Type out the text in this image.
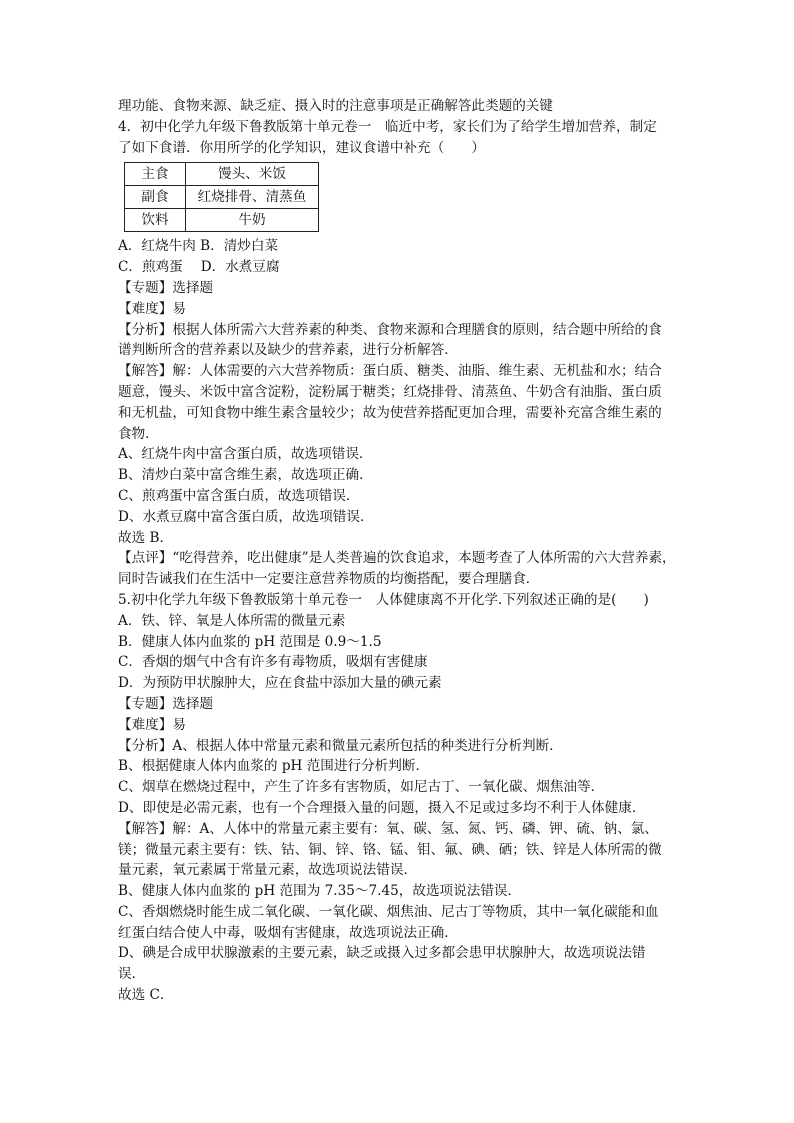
理功能、食物来源、缺乏症、摄入时的注意事项是正确解答此类题的关键
4．初中化学九年级下鲁教版第十单元卷一　临近中考，家长们为了给学生增加营养，制定
了如下食谱．你用所学的化学知识，建议食谱中补充（　　）
主食	馒头、米饭
副食	红烧排骨、清蒸鱼
饮料	牛奶
A．红烧牛肉 B．清炒白菜
C．煎鸡蛋　 D．水煮豆腐
【专题】选择题
【难度】易
【分析】根据人体所需六大营养素的种类、食物来源和合理膳食的原则，结合题中所给的食
谱判断所含的营养素以及缺少的营养素，进行分析解答．
【解答】解：人体需要的六大营养物质：蛋白质、糖类、油脂、维生素、无机盐和水；结合
题意，馒头、米饭中富含淀粉，淀粉属于糖类；红烧排骨、清蒸鱼、牛奶含有油脂、蛋白质
和无机盐，可知食物中维生素含量较少；故为使营养搭配更加合理，需要补充富含维生素的
食物．
A、红烧牛肉中富含蛋白质，故选项错误．
B、清炒白菜中富含维生素，故选项正确．
C、煎鸡蛋中富含蛋白质，故选项错误．
D、水煮豆腐中富含蛋白质，故选项错误．
故选 B．
【点评】“吃得营养，吃出健康”是人类普遍的饮食追求，本题考查了人体所需的六大营养素，
同时告诫我们在生活中一定要注意营养物质的均衡搭配，要合理膳食．
5.初中化学九年级下鲁教版第十单元卷一　人体健康离不开化学.下列叙述正确的是(　　)
A．铁、锌、氧是人体所需的微量元素
B．健康人体内血浆的 pH 范围是 0.9～1.5
C．香烟的烟气中含有许多有毒物质，吸烟有害健康
D．为预防甲状腺肿大，应在食盐中添加大量的碘元素
【专题】选择题
【难度】易
【分析】A、根据人体中常量元素和微量元素所包括的种类进行分析判断．
B、根据健康人体内血浆的 pH 范围进行分析判断．
C、烟草在燃烧过程中，产生了许多有害物质，如尼古丁、一氧化碳、烟焦油等．
D、即使是必需元素，也有一个合理摄入量的问题，摄入不足或过多均不利于人体健康．
【解答】解：A、人体中的常量元素主要有：氧、碳、氢、氮、钙、磷、钾、硫、钠、氯、
镁；微量元素主要有：铁、钴、铜、锌、铬、锰、钼、氟、碘、硒；铁、锌是人体所需的微
量元素，氧元素属于常量元素，故选项说法错误．
B、健康人体内血浆的 pH 范围为 7.35～7.45，故选项说法错误．
C、香烟燃烧时能生成二氧化碳、一氧化碳、烟焦油、尼古丁等物质，其中一氧化碳能和血
红蛋白结合使人中毒，吸烟有害健康，故选项说法正确．
D、碘是合成甲状腺激素的主要元素，缺乏或摄入过多都会患甲状腺肿大，故选项说法错
误．
故选 C．
